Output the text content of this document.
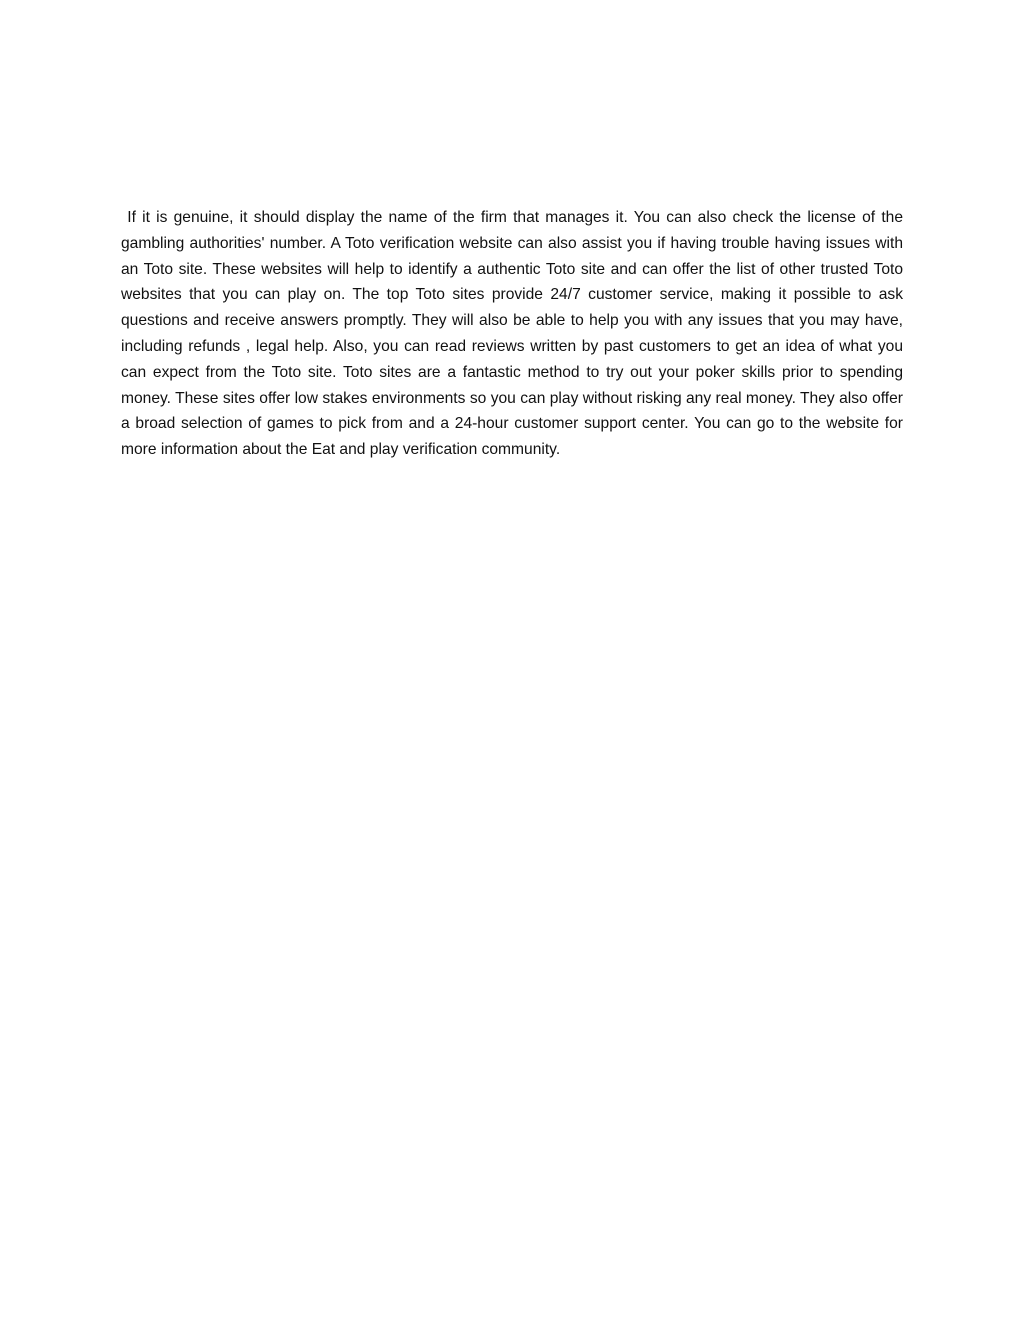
If it is genuine, it should display the name of the firm that manages it. You can also check the license of the gambling authorities' number. A Toto verification website can also assist you if having trouble having issues with an Toto site. These websites will help to identify a authentic Toto site and can offer the list of other trusted Toto websites that you can play on. The top Toto sites provide 24/7 customer service, making it possible to ask questions and receive answers promptly. They will also be able to help you with any issues that you may have, including refunds , legal help. Also, you can read reviews written by past customers to get an idea of what you can expect from the Toto site. Toto sites are a fantastic method to try out your poker skills prior to spending money. These sites offer low stakes environments so you can play without risking any real money. They also offer a broad selection of games to pick from and a 24-hour customer support center. You can go to the website for more information about the Eat and play verification community.
